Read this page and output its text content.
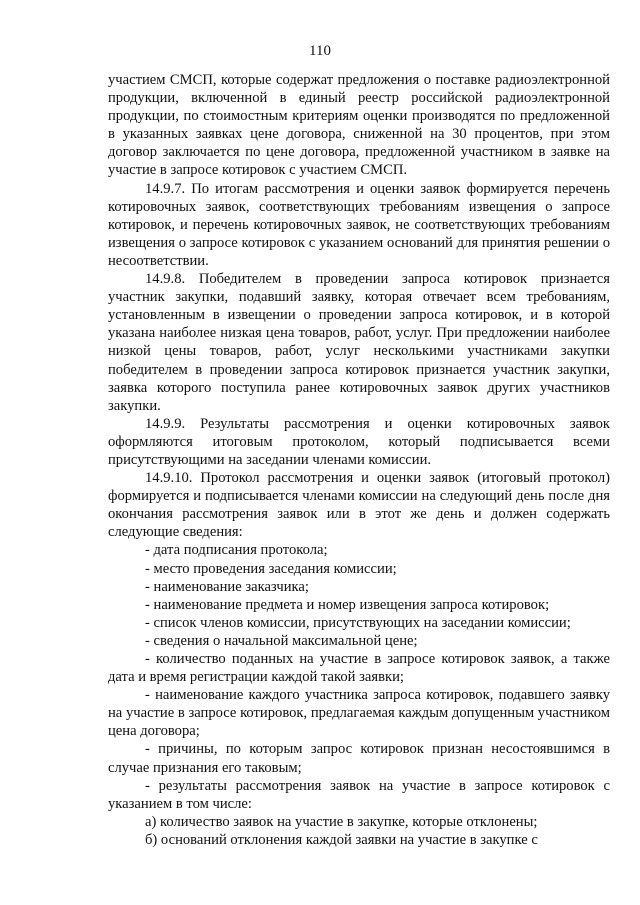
110

участием СМСП, которые содержат предложения о поставке радиоэлектронной продукции, включенной в единый реестр российской радиоэлектронной продукции, по стоимостным критериям оценки производятся по предложенной в указанных заявках цене договора, сниженной на 30 процентов, при этом договор заключается по цене договора, предложенной участником в заявке на участие в запросе котировок с участием СМСП.

14.9.7. По итогам рассмотрения и оценки заявок формируется перечень котировочных заявок, соответствующих требованиям извещения о запросе котировок, и перечень котировочных заявок, не соответствующих требованиям извещения о запросе котировок с указанием оснований для принятия решении о несоответствии.

14.9.8. Победителем в проведении запроса котировок признается участник закупки, подавший заявку, которая отвечает всем требованиям, установленным в извещении о проведении запроса котировок, и в которой указана наиболее низкая цена товаров, работ, услуг. При предложении наиболее низкой цены товаров, работ, услуг несколькими участниками закупки победителем в проведении запроса котировок признается участник закупки, заявка которого поступила ранее котировочных заявок других участников закупки.

14.9.9. Результаты рассмотрения и оценки котировочных заявок оформляются итоговым протоколом, который подписывается всеми присутствующими на заседании членами комиссии.

14.9.10. Протокол рассмотрения и оценки заявок (итоговый протокол) формируется и подписывается членами комиссии на следующий день после дня окончания рассмотрения заявок или в этот же день и должен содержать следующие сведения:

- дата подписания протокола;

- место проведения заседания комиссии;

- наименование заказчика;

- наименование предмета и номер извещения запроса котировок;

- список членов комиссии, присутствующих на заседании комиссии;

- сведения о начальной максимальной цене;

- количество поданных на участие в запросе котировок заявок, а также дата и время регистрации каждой такой заявки;

- наименование каждого участника запроса котировок, подавшего заявку на участие в запросе котировок, предлагаемая каждым допущенным участником цена договора;

- причины, по которым запрос котировок признан несостоявшимся в случае признания его таковым;

- результаты рассмотрения заявок на участие в запросе котировок с указанием в том числе:

а) количество заявок на участие в закупке, которые отклонены;

б) оснований отклонения каждой заявки на участие в закупке с
